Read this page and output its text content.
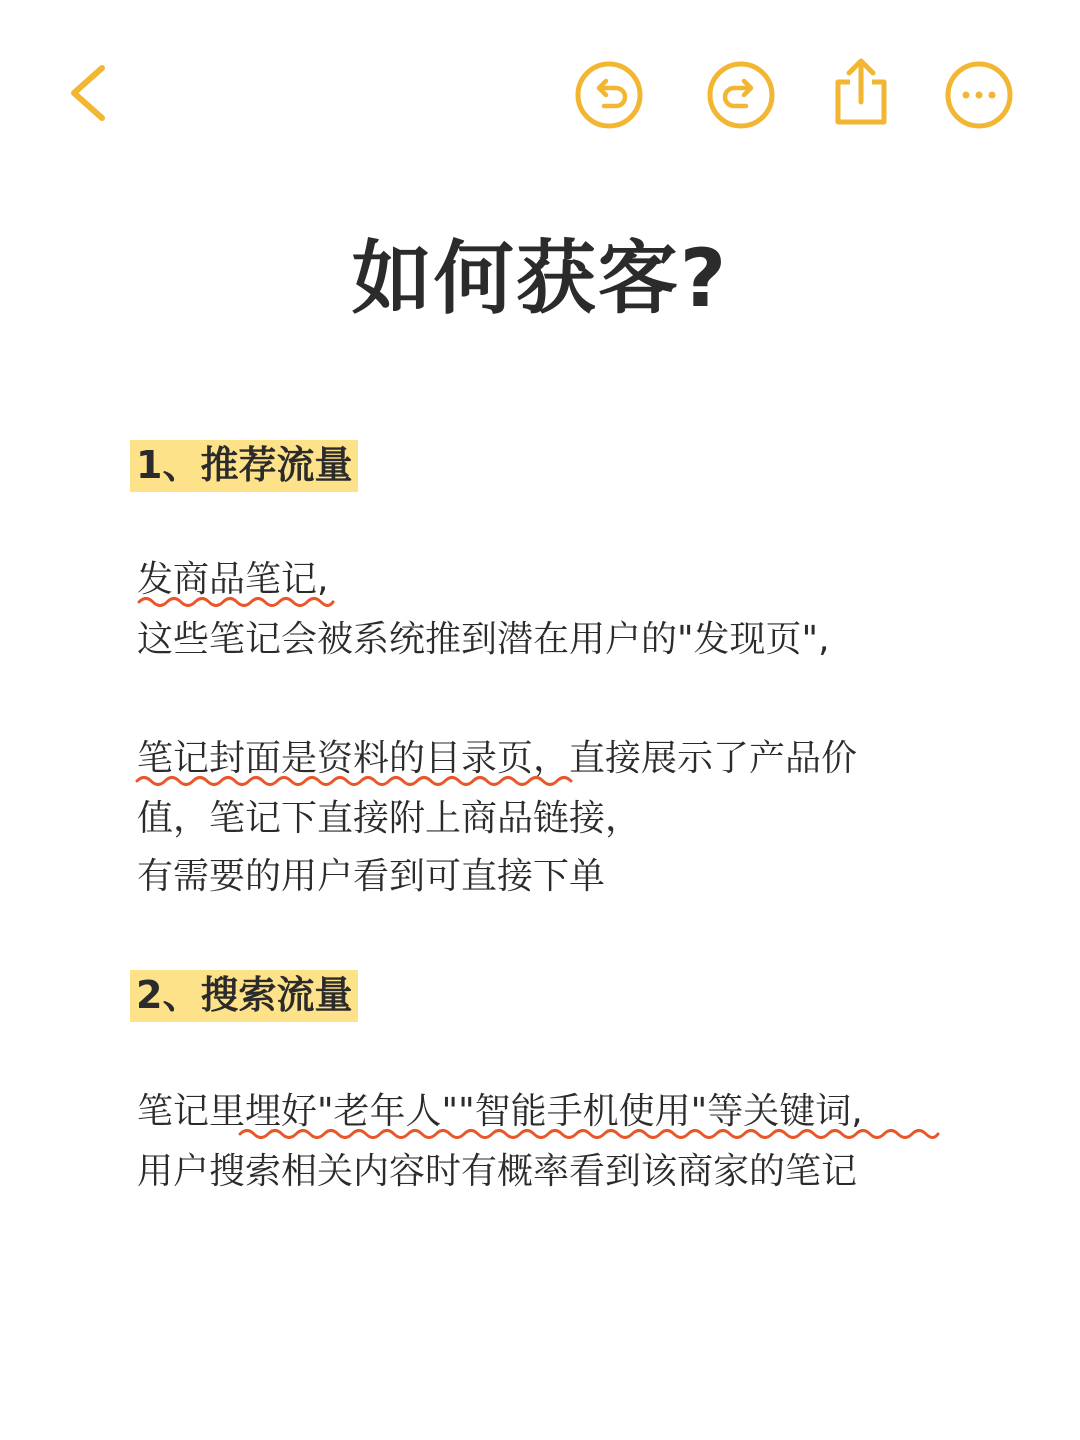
如何获客?
1、推荐流量

发商品笔记,

这些笔记会被系统推到潜在用户的"发现页",

笔记封面是资料的目录页，直接展示了产品价

值，笔记下直接附上商品链接，

有需要的用户看到可直接下单

2、搜索流量

笔记里埋好"老年人""智能手机使用"等关键词,

用户搜索相关内容时有概率看到该商家的笔记
